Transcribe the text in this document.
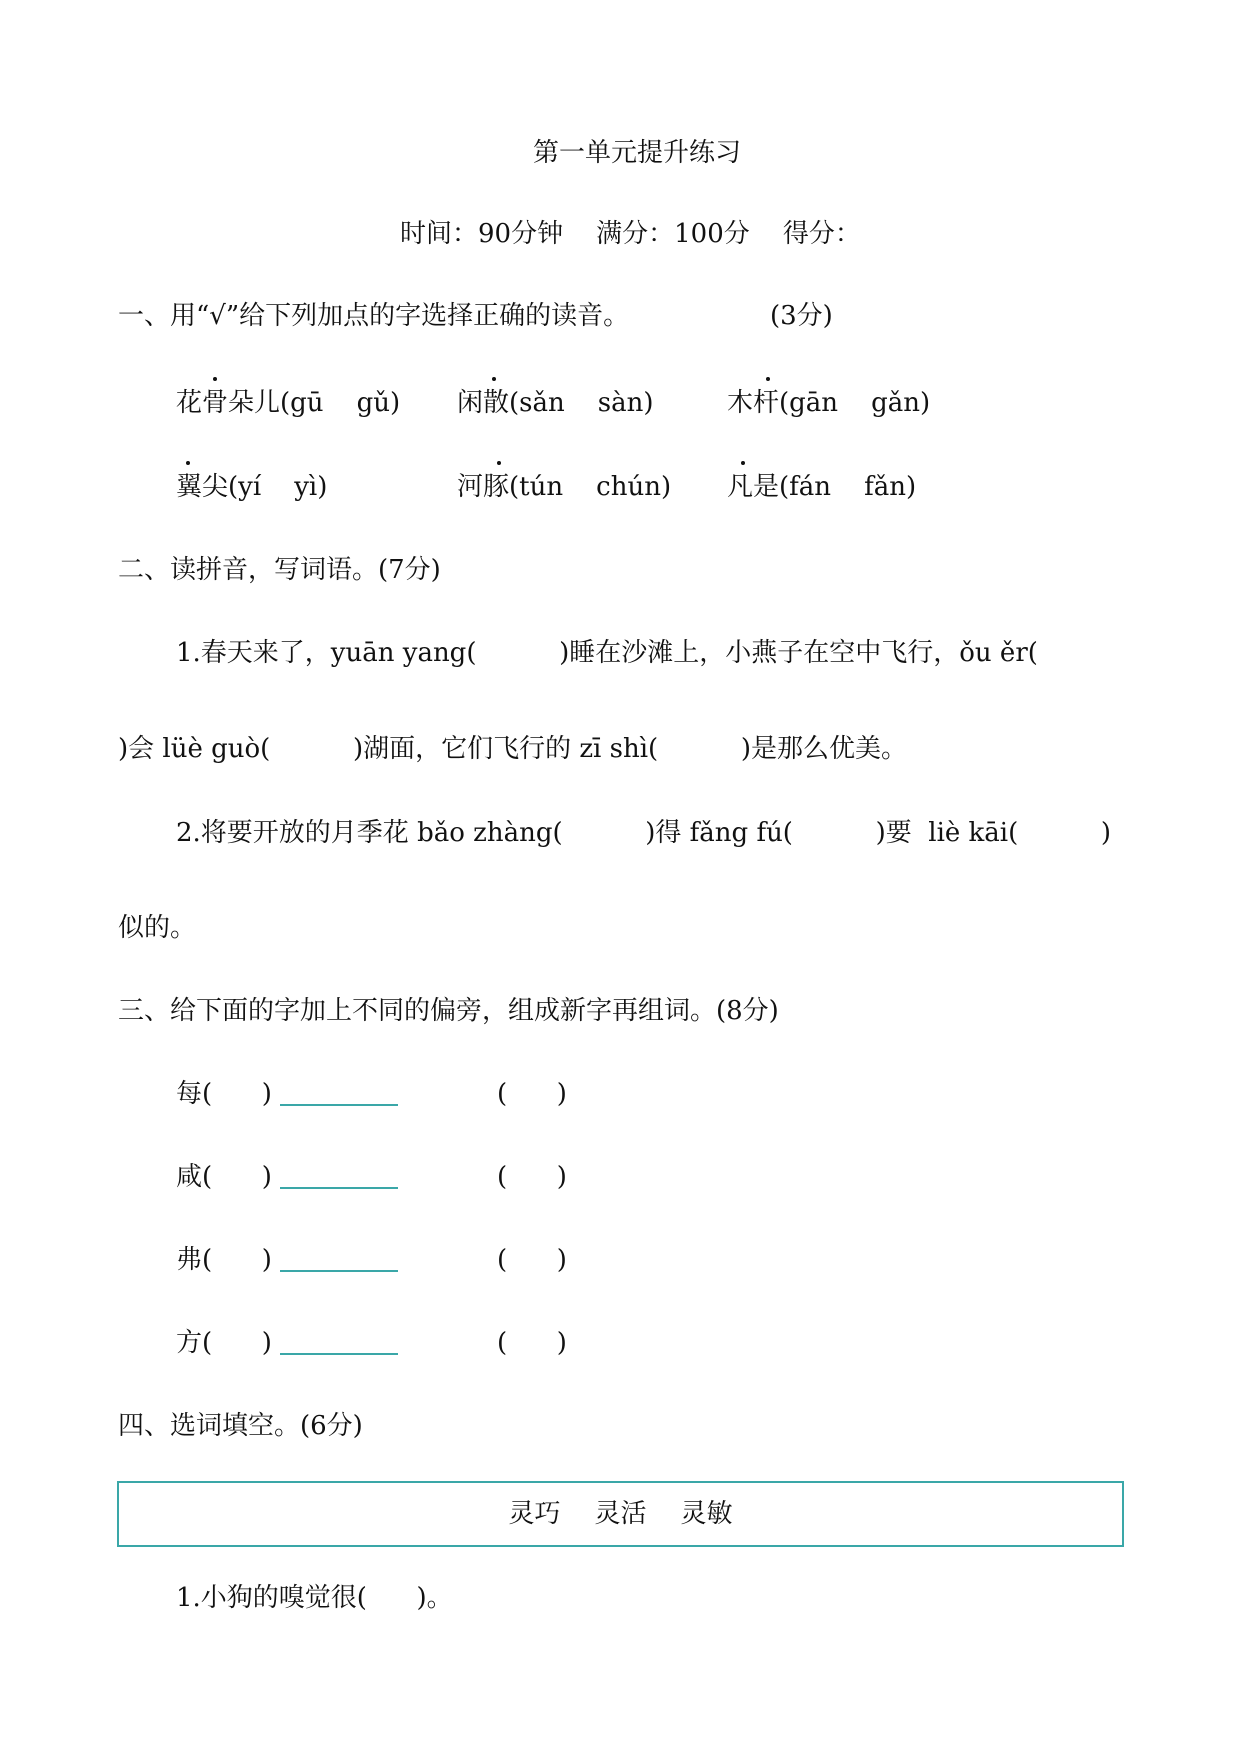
第一单元提升练习
时间：90分钟    满分：100分    得分：
一、用“√”给下列加点的字选择正确的读音。	(3分)
花骨朵儿(gū    gǔ) 闲散(sǎn    sàn)	木杆(gān    gǎn)
翼尖(yí    yì)	河豚(tún    chún) 凡是(fán    fǎn)
二、读拼音，写词语。(7分)
1.春天来了，yuān yang(          )睡在沙滩上，小燕子在空中飞行，ǒu ěr(
)会 lüè guò(          )湖面，它们飞行的 zī shì(          )是那么优美。
2.将要开放的月季花 bǎo zhàng(          )得 fǎng fú(          )要  liè kāi(          )
似的。
三、给下面的字加上不同的偏旁，组成新字再组词。(8分)
每 (      )	(      )
咸 (      )	(      )
弗 (      )	(      )
方 (      )	(      )
四、选词填空。(6分)
灵巧 灵活 灵敏
1.小狗的嗅觉很(      )。
